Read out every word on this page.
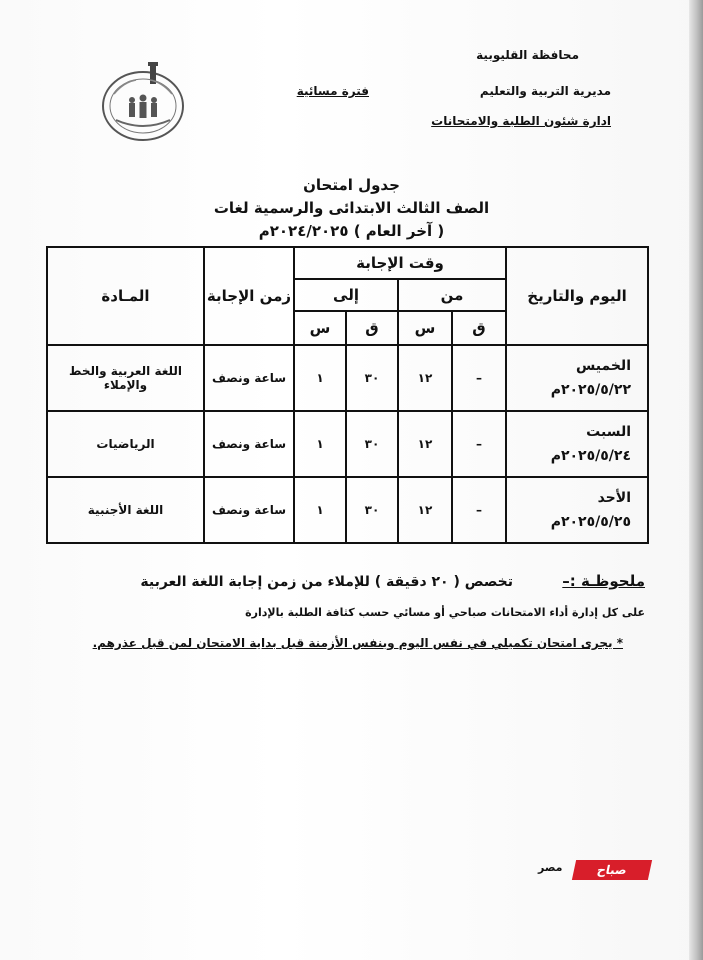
محافظة القليوبية
مديرية التربية والتعليم
ادارة شئون الطلبة والامتحانات
فترة مسائية
جدول امتحان
الصف الثالث الابتدائى والرسمية لغات
( آخر العام ) ٢٠٢٤/٢٠٢٥م
اليوم والتاريخ	وقت الإجابة				زمن الإجابة	المـادة
	من		إلى			
	ق	س	ق	س		

الخميس
٢٠٢٥/٥/٢٢م	–	١٢	٣٠	١	ساعة ونصف	اللغة العربية والخط والإملاء

السبت
٢٠٢٥/٥/٢٤م	–	١٢	٣٠	١	ساعة ونصف	الرياضيات

الأحد
٢٠٢٥/٥/٢٥م	–	١٢	٣٠	١	ساعة ونصف	اللغة الأجنبية
ملحوظـة :–
تخصص ( ٢٠ دقيقة ) للإملاء من زمن إجابة اللغة العربية
على كل إدارة أداء الامتحانات صباحي أو مسائي حسب كثافة الطلبة بالإدارة
* يجرى امتحان تكميلي في نفس اليوم وبنفس الأزمنة قبل بداية الامتحان لمن قبل عذرهم.
صباح
مصر
